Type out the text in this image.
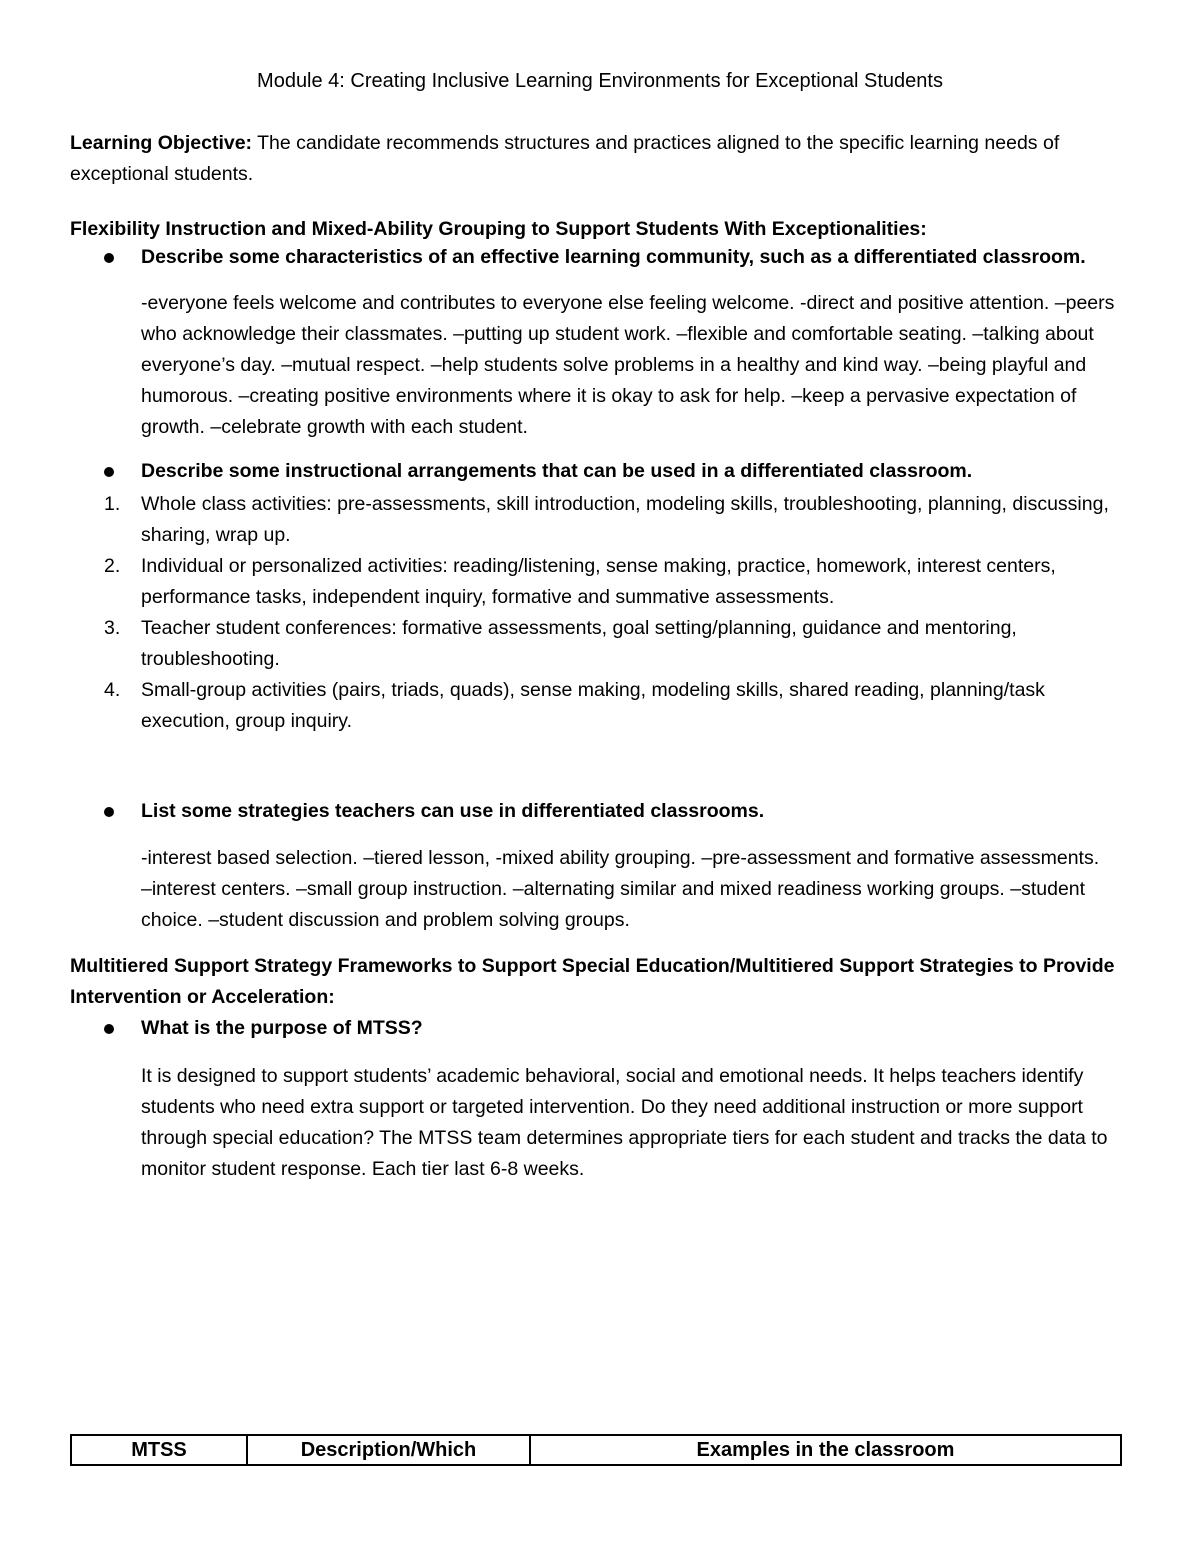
Module 4: Creating Inclusive Learning Environments for Exceptional Students
Learning Objective: The candidate recommends structures and practices aligned to the specific learning needs of exceptional students.
Flexibility Instruction and Mixed-Ability Grouping to Support Students With Exceptionalities:
Describe some characteristics of an effective learning community, such as a differentiated classroom.
-everyone feels welcome and contributes to everyone else feeling welcome. -direct and positive attention. –peers who acknowledge their classmates. –putting up student work. –flexible and comfortable seating. –talking about everyone’s day. –mutual respect. –help students solve problems in a healthy and kind way. –being playful and humorous. –creating positive environments where it is okay to ask for help. –keep a pervasive expectation of growth. –celebrate growth with each student.
Describe some instructional arrangements that can be used in a differentiated classroom.
1.	Whole class activities: pre-assessments, skill introduction, modeling skills, troubleshooting, planning, discussing, sharing, wrap up.
2.	Individual or personalized activities: reading/listening, sense making, practice, homework, interest centers, performance tasks, independent inquiry, formative and summative assessments.
3.	Teacher student conferences: formative assessments, goal setting/planning, guidance and mentoring, troubleshooting.
4.	Small-group activities (pairs, triads, quads), sense making, modeling skills, shared reading, planning/task execution, group inquiry.
List some strategies teachers can use in differentiated classrooms.
-interest based selection. –tiered lesson, -mixed ability grouping. –pre-assessment and formative assessments. –interest centers. –small group instruction. –alternating similar and mixed readiness working groups. –student choice. –student discussion and problem solving groups.
Multitiered Support Strategy Frameworks to Support Special Education/Multitiered Support Strategies to Provide Intervention or Acceleration:
What is the purpose of MTSS?
It is designed to support students’ academic behavioral, social and emotional needs. It helps teachers identify students who need extra support or targeted intervention. Do they need additional instruction or more support through special education? The MTSS team determines appropriate tiers for each student and tracks the data to monitor student response. Each tier last 6-8 weeks.
MTSS	Description/Which	Examples in the classroom
